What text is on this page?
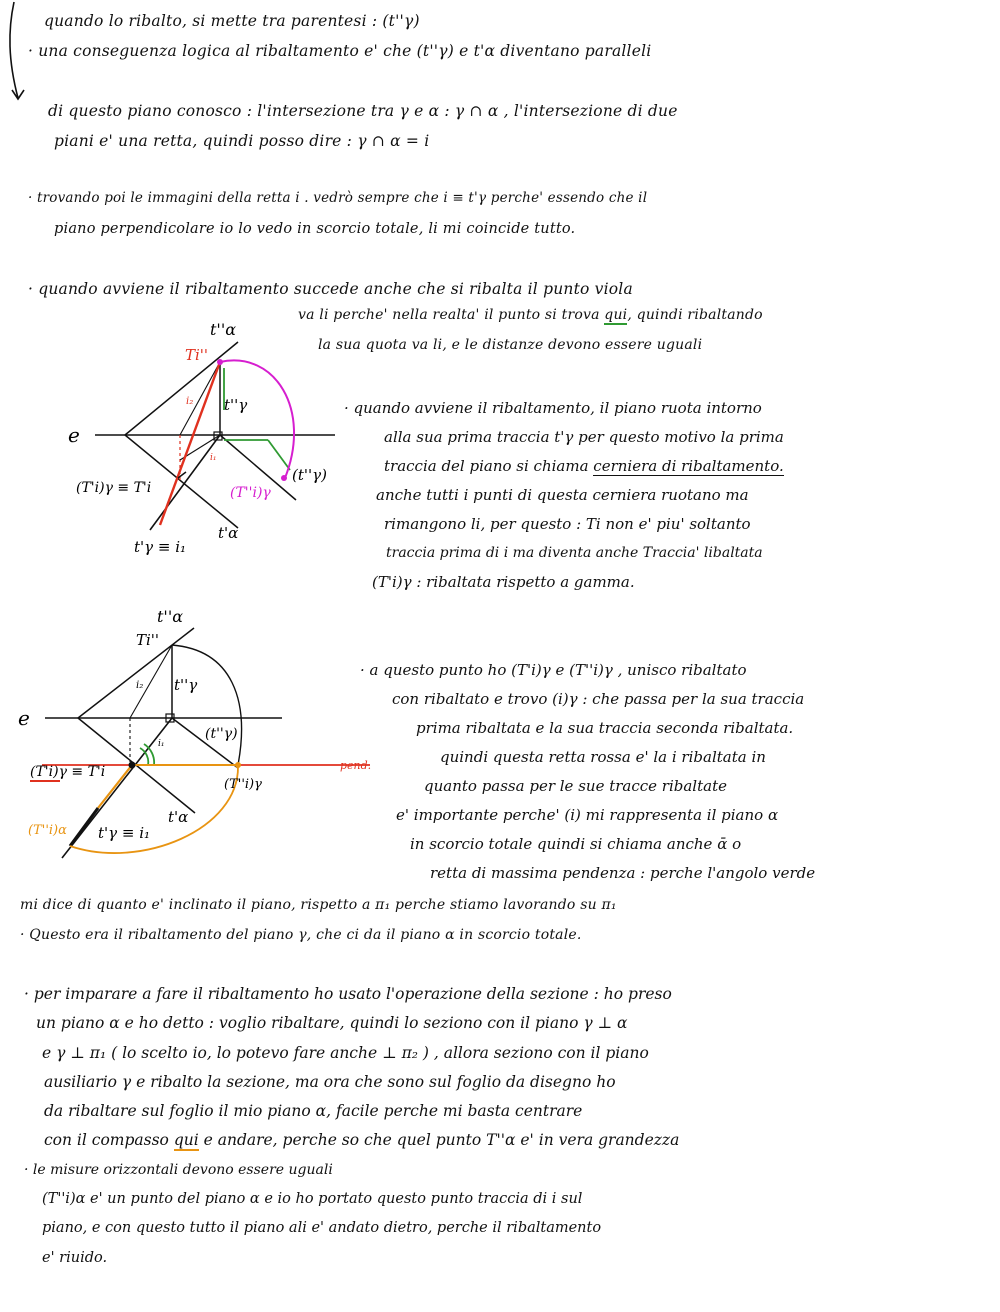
quando lo ribalto, si mette tra parentesi : (t''γ)
· una conseguenza logica al ribaltamento e' che (t''γ) e t'α diventano paralleli
di questo piano conosco : l'intersezione tra γ e α : γ ∩ α , l'intersezione di due
piani e' una retta, quindi posso dire : γ ∩ α = i
· trovando poi le immagini della retta i . vedrò sempre che i ≡ t'γ perche' essendo che il
piano perpendicolare io lo vedo in scorcio totale, li mi coincide tutto.
· quando avviene il ribaltamento succede anche che si ribalta il punto viola
va li perche' nella realta' il punto si trova qui, quindi ribaltando
la sua quota va li, e le distanze devono essere uguali
· quando avviene il ribaltamento, il piano ruota intorno
alla sua prima traccia t'γ per questo motivo la prima
traccia del piano si chiama cerniera di ribaltamento.
anche tutti i punti di questa cerniera ruotano ma
rimangono li, per questo : Ti non e' piu' soltanto
traccia prima di i ma diventa anche Traccia' libaltata
(T'i)γ : ribaltata rispetto a gamma.
· a questo punto ho (T'i)γ e (T''i)γ , unisco ribaltato
con ribaltato e trovo (i)γ : che passa per la sua traccia
prima ribaltata e la sua traccia seconda ribaltata.
quindi questa retta rossa e' la i ribaltata in
quanto passa per le sue tracce ribaltate
e' importante perche' (i) mi rappresenta il piano α
in scorcio totale quindi si chiama anche ᾱ o
retta di massima pendenza : perche l'angolo verde
mi dice di quanto e' inclinato il piano, rispetto a π₁ perche stiamo lavorando su π₁
· Questo era il ribaltamento del piano γ, che ci da il piano α in scorcio totale.
· per imparare a fare il ribaltamento ho usato l'operazione della sezione : ho preso
un piano α e ho detto : voglio ribaltare, quindi lo seziono con il piano γ ⊥ α
e γ ⊥ π₁ ( lo scelto io, lo potevo fare anche ⊥ π₂ ) , allora seziono con il piano
ausiliario γ e ribalto la sezione, ma ora che sono sul foglio da disegno ho
da ribaltare sul foglio il mio piano α, facile perche mi basta centrare
con il compasso qui e andare, perche so che quel punto T''α e' in vera grandezza
· le misure orizzontali devono essere uguali
(T''i)α e' un punto del piano α e io ho portato questo punto traccia di i sul
piano, e con questo tutto il piano ali e' andato dietro, perche il ribaltamento
e' riuido.
t''α
Ti''
t''γ
e
i₂
i₁
(t''γ)
(T'i)γ ≡ T'i	(T''i)γ
t'α
t'γ ≡ i₁
t''α
Ti''
t''γ
e
i₂
i₁
(t''γ)
pend.
(T'i)γ ≡ T'i
(T''i)γ
(T''i)α
t'α
t'γ ≡ i₁
